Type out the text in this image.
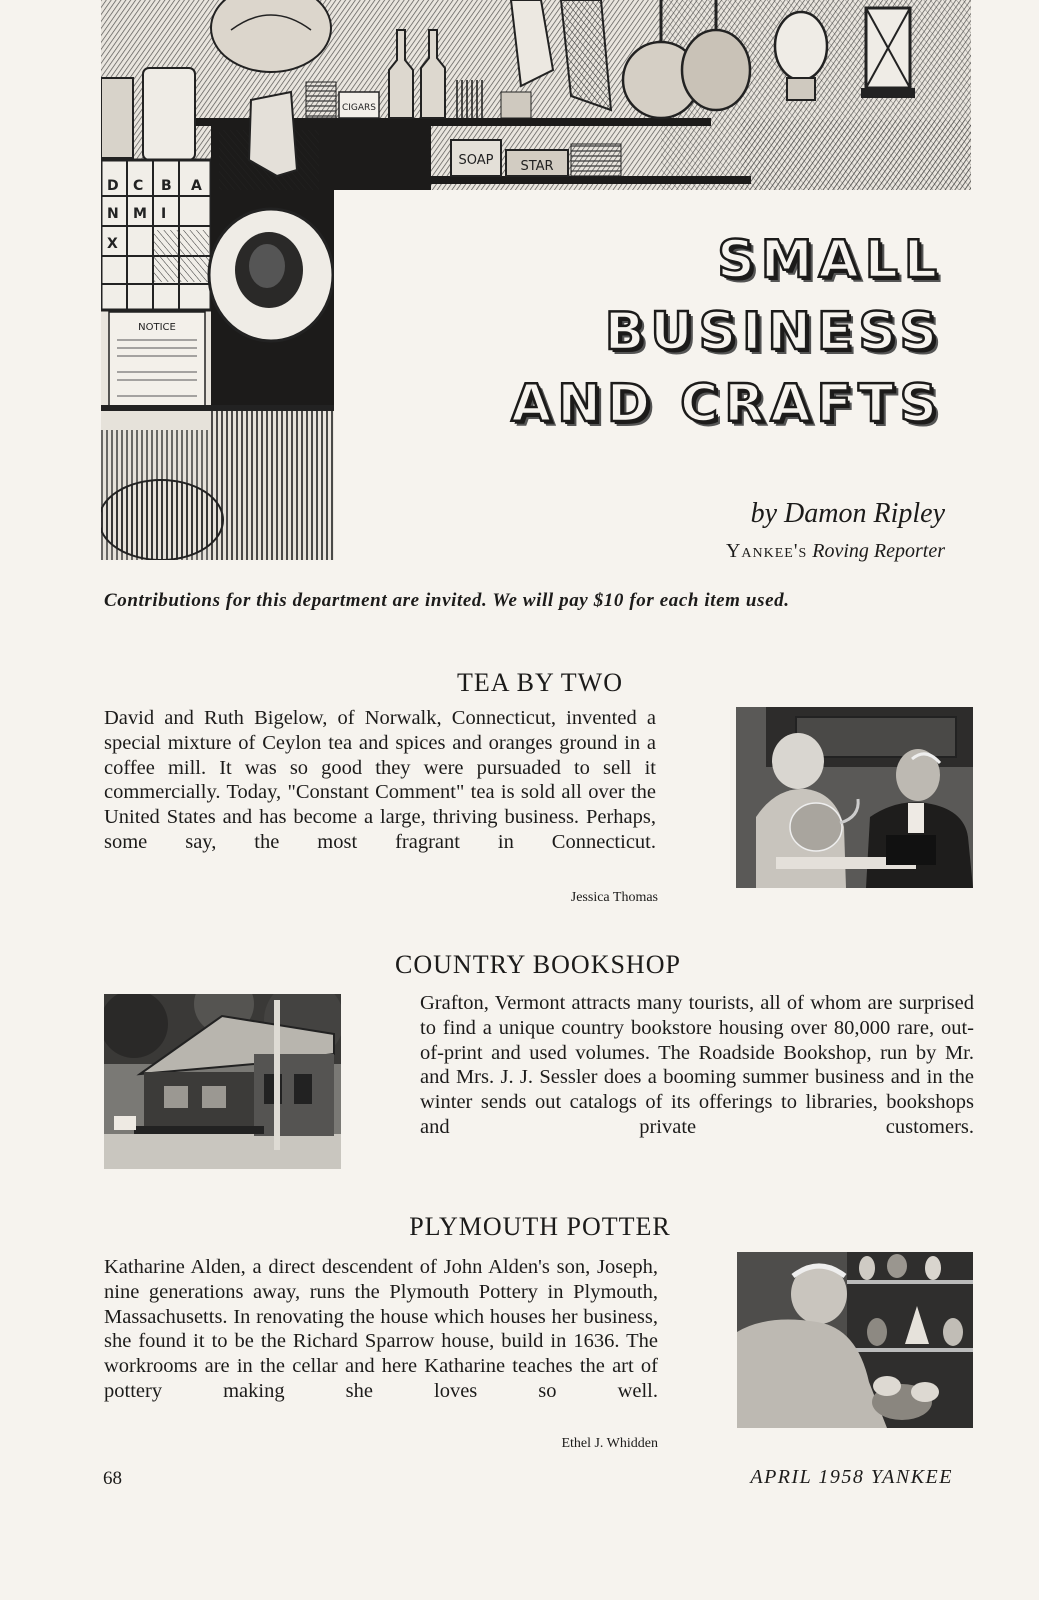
CIGARS
SOAP STAR
A
B
C
D
M
N	I
X
NOTICE
SMALL
BUSINESS
AND CRAFTS
by Damon Ripley
Yankee's Roving Reporter
Contributions for this department are invited. We will pay $10 for each item used.
TEA BY TWO
David and Ruth Bigelow, of Norwalk, Connecticut, invented a special mixture of Ceylon tea and spices and oranges ground in a coffee mill. It was so good they were pursuaded to sell it commercially. Today, "Constant Comment" tea is sold all over the United States and has become a large, thriving business. Perhaps, some say, the most fragrant in Connecticut.
Jessica Thomas
COUNTRY BOOKSHOP
Grafton, Vermont attracts many tourists, all of whom are surprised to find a unique country bookstore housing over 80,000 rare, out-of-print and used volumes. The Roadside Bookshop, run by Mr. and Mrs. J. J. Sessler does a booming summer business and in the winter sends out catalogs of its offerings to libraries, bookshops and private customers.
PLYMOUTH POTTER
Katharine Alden, a direct descendent of John Alden's son, Joseph, nine generations away, runs the Plymouth Pottery in Plymouth, Massachusetts. In renovating the house which houses her business, she found it to be the Richard Sparrow house, build in 1636. The workrooms are in the cellar and here Katharine teaches the art of pottery making she loves so well.
Ethel J. Whidden
68	APRIL 1958 YANKEE
